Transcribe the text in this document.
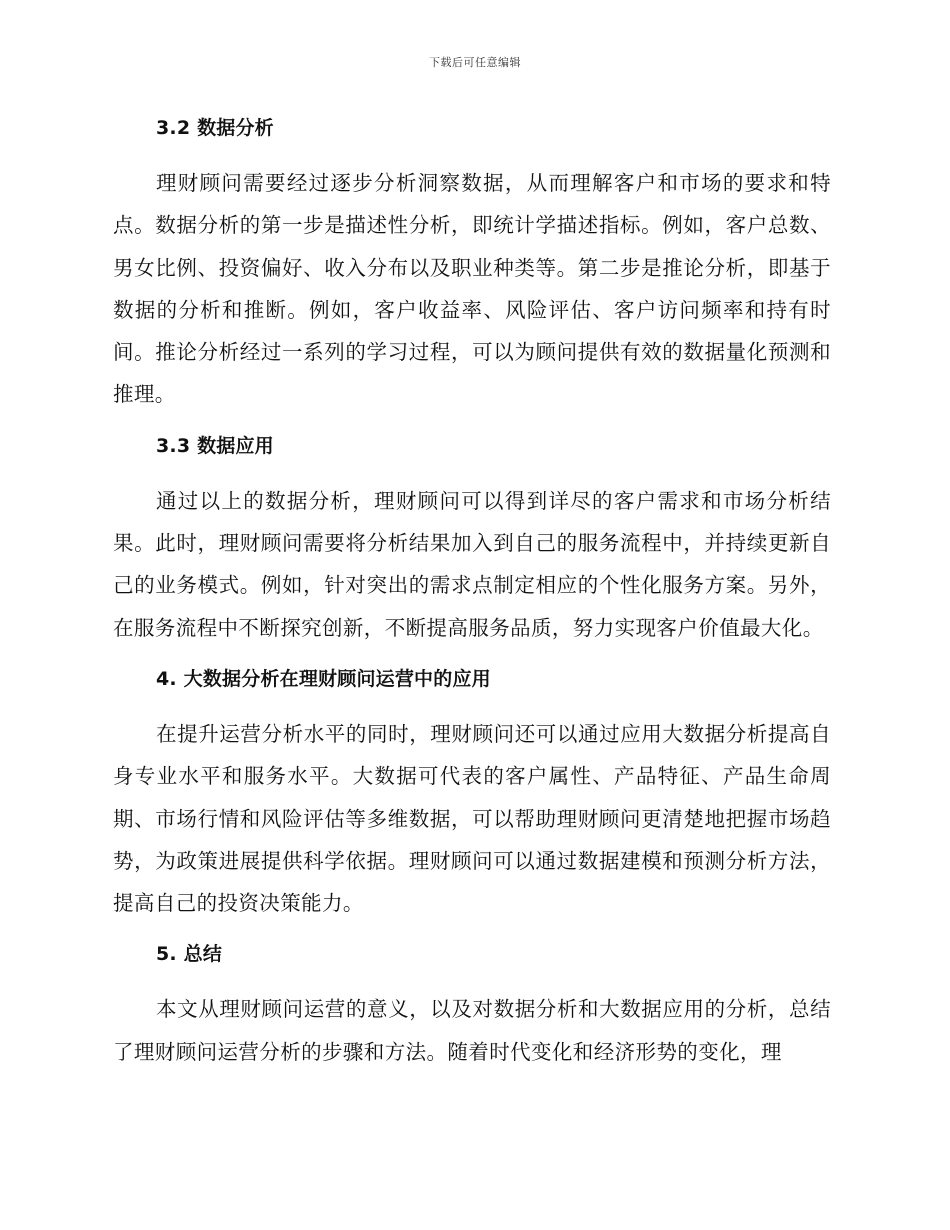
下载后可任意编辑
3.2 数据分析

理财顾问需要经过逐步分析洞察数据，从而理解客户和市场的要求和特点。数据分析的第一步是描述性分析，即统计学描述指标。例如，客户总数、男女比例、投资偏好、收入分布以及职业种类等。第二步是推论分析，即基于数据的分析和推断。例如，客户收益率、风险评估、客户访问频率和持有时间。推论分析经过一系列的学习过程，可以为顾问提供有效的数据量化预测和推理。

3.3 数据应用

通过以上的数据分析，理财顾问可以得到详尽的客户需求和市场分析结果。此时，理财顾问需要将分析结果加入到自己的服务流程中，并持续更新自己的业务模式。例如，针对突出的需求点制定相应的个性化服务方案。另外，在服务流程中不断探究创新，不断提高服务品质，努力实现客户价值最大化。

4. 大数据分析在理财顾问运营中的应用

在提升运营分析水平的同时，理财顾问还可以通过应用大数据分析提高自身专业水平和服务水平。大数据可代表的客户属性、产品特征、产品生命周期、市场行情和风险评估等多维数据，可以帮助理财顾问更清楚地把握市场趋势，为政策进展提供科学依据。理财顾问可以通过数据建模和预测分析方法，提高自己的投资决策能力。

5. 总结

本文从理财顾问运营的意义，以及对数据分析和大数据应用的分析，总结了理财顾问运营分析的步骤和方法。随着时代变化和经济形势的变化，理
